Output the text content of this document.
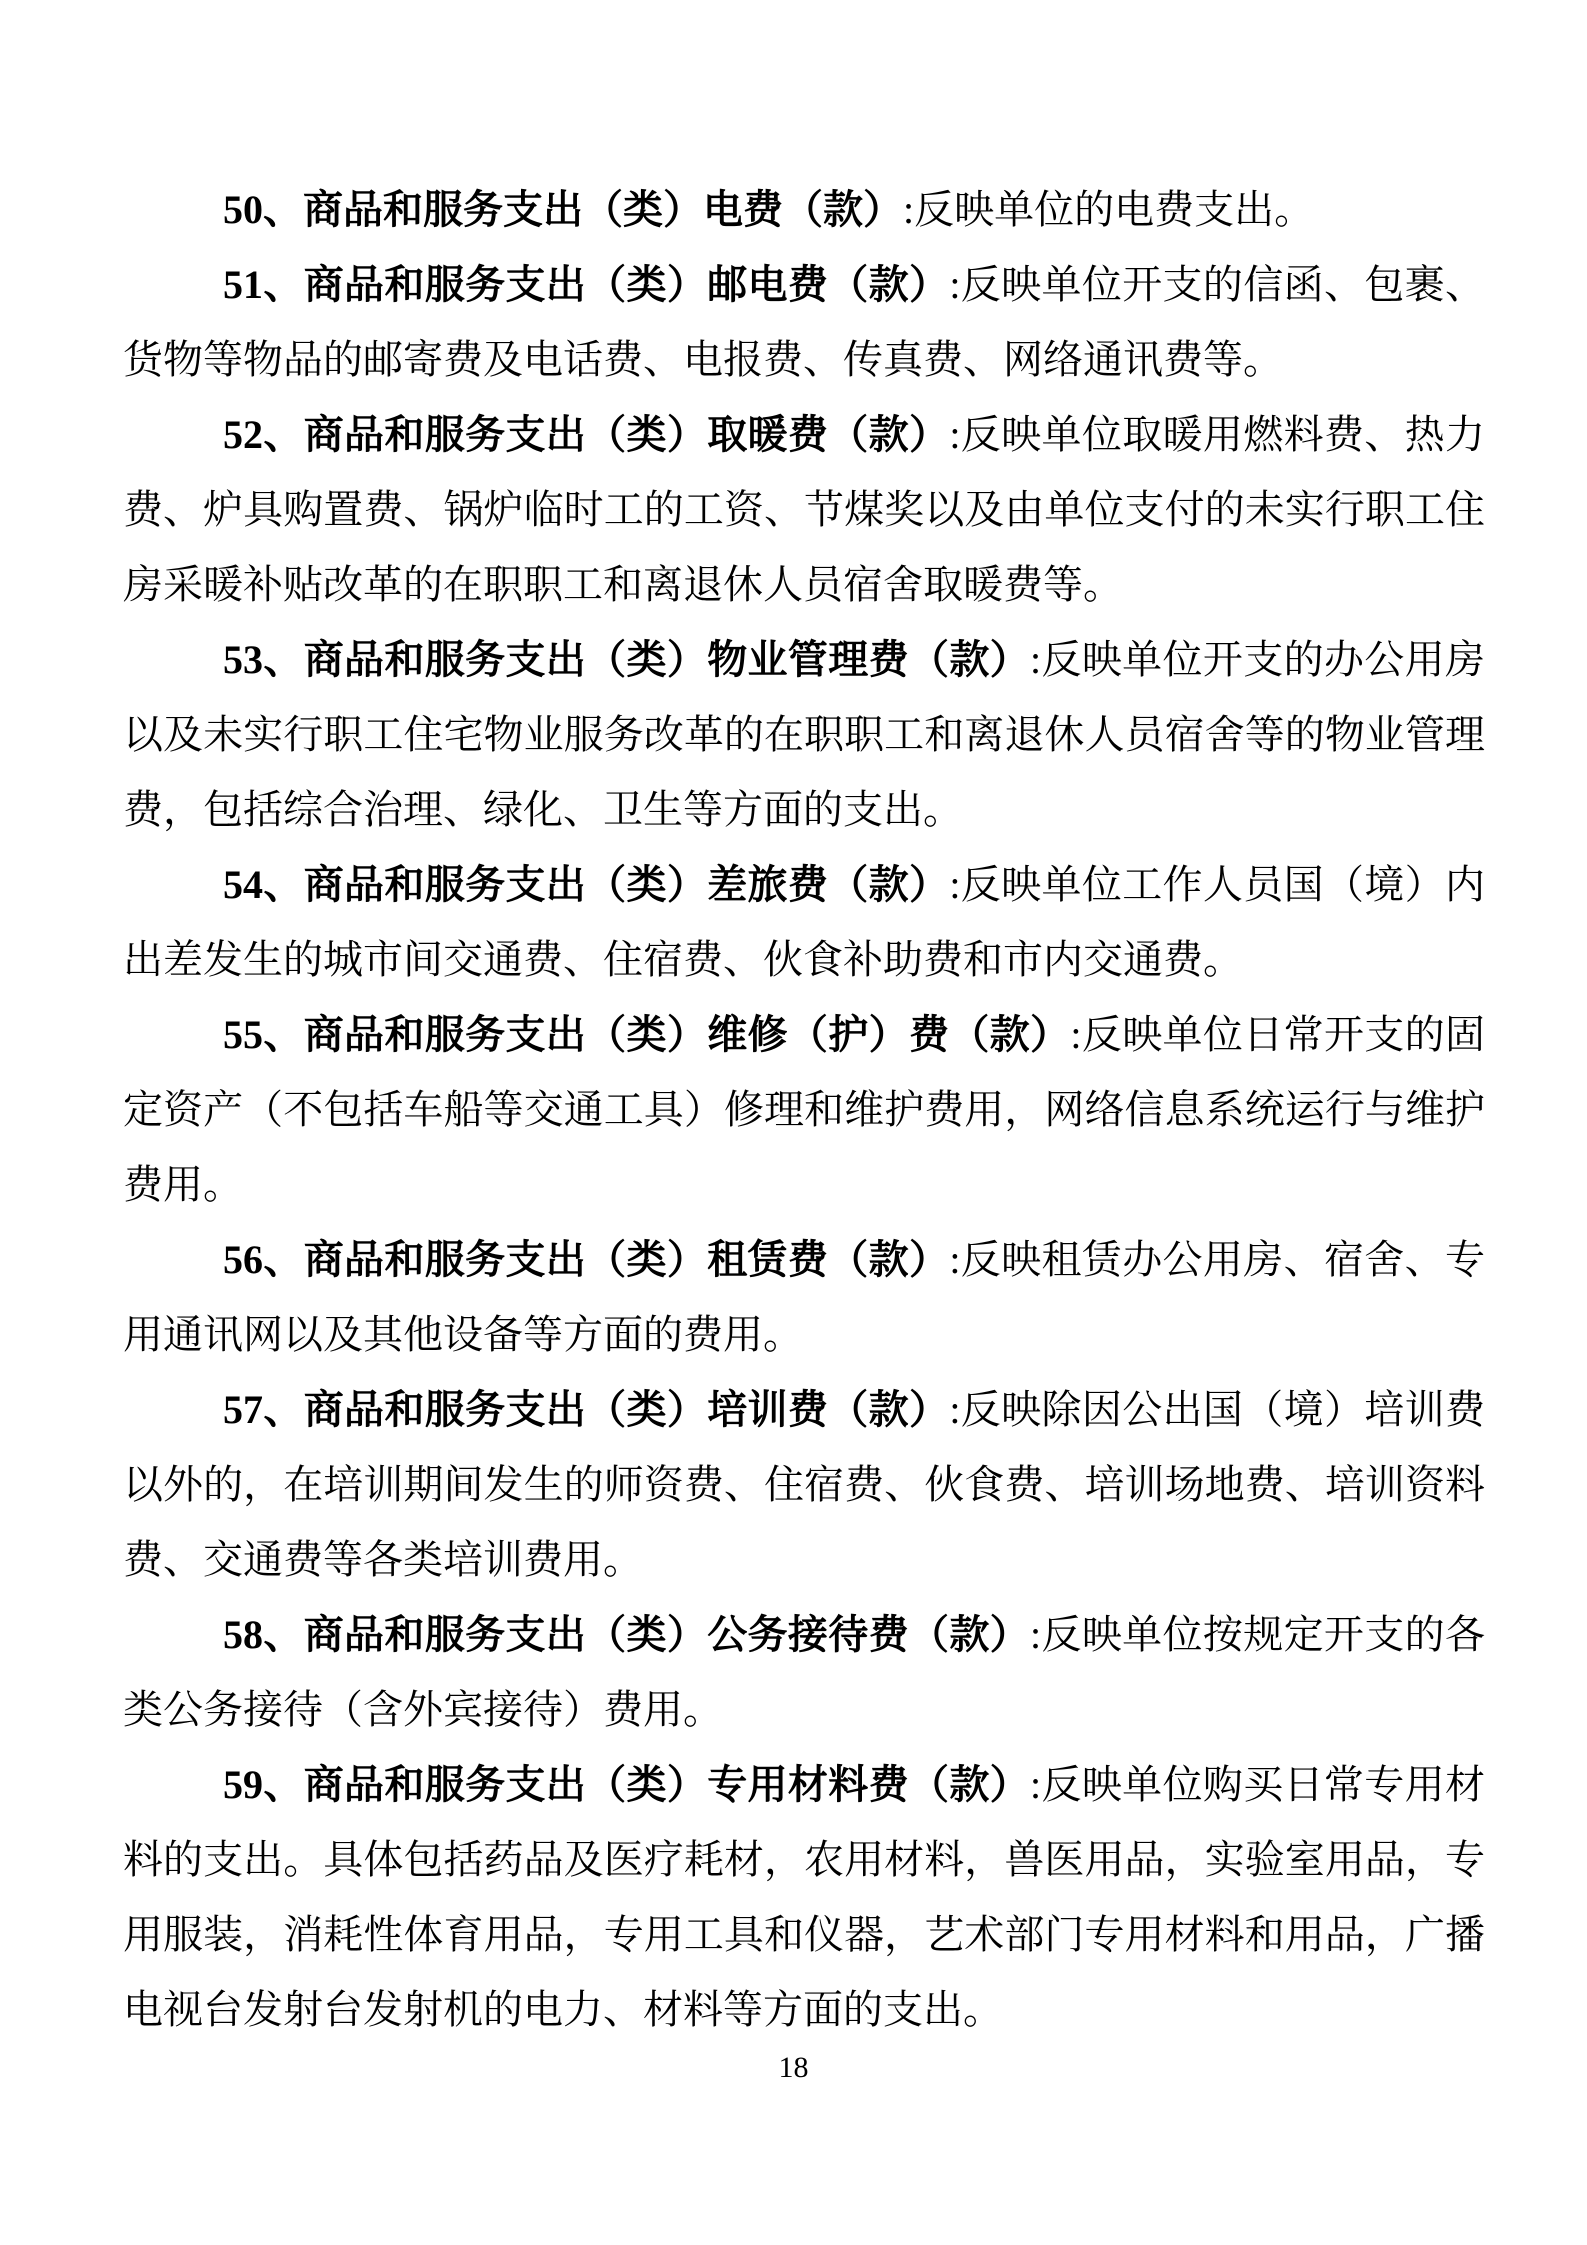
50、商品和服务支出（类）电费（款）:反映单位的电费支出。

51、商品和服务支出（类）邮电费（款）:反映单位开支的信函、包裹、货物等物品的邮寄费及电话费、电报费、传真费、网络通讯费等。

52、商品和服务支出（类）取暖费（款）:反映单位取暖用燃料费、热力费、炉具购置费、锅炉临时工的工资、节煤奖以及由单位支付的未实行职工住房采暖补贴改革的在职职工和离退休人员宿舍取暖费等。

53、商品和服务支出（类）物业管理费（款）:反映单位开支的办公用房以及未实行职工住宅物业服务改革的在职职工和离退休人员宿舍等的物业管理费，包括综合治理、绿化、卫生等方面的支出。

54、商品和服务支出（类）差旅费（款）:反映单位工作人员国（境）内出差发生的城市间交通费、住宿费、伙食补助费和市内交通费。

55、商品和服务支出（类）维修（护）费（款）:反映单位日常开支的固定资产（不包括车船等交通工具）修理和维护费用，网络信息系统运行与维护费用。

56、商品和服务支出（类）租赁费（款）:反映租赁办公用房、宿舍、专用通讯网以及其他设备等方面的费用。

57、商品和服务支出（类）培训费（款）:反映除因公出国（境）培训费以外的，在培训期间发生的师资费、住宿费、伙食费、培训场地费、培训资料费、交通费等各类培训费用。

58、商品和服务支出（类）公务接待费（款）:反映单位按规定开支的各类公务接待（含外宾接待）费用。

59、商品和服务支出（类）专用材料费（款）:反映单位购买日常专用材料的支出。具体包括药品及医疗耗材，农用材料，兽医用品，实验室用品，专用服装，消耗性体育用品，专用工具和仪器，艺术部门专用材料和用品，广播电视台发射台发射机的电力、材料等方面的支出。

18
